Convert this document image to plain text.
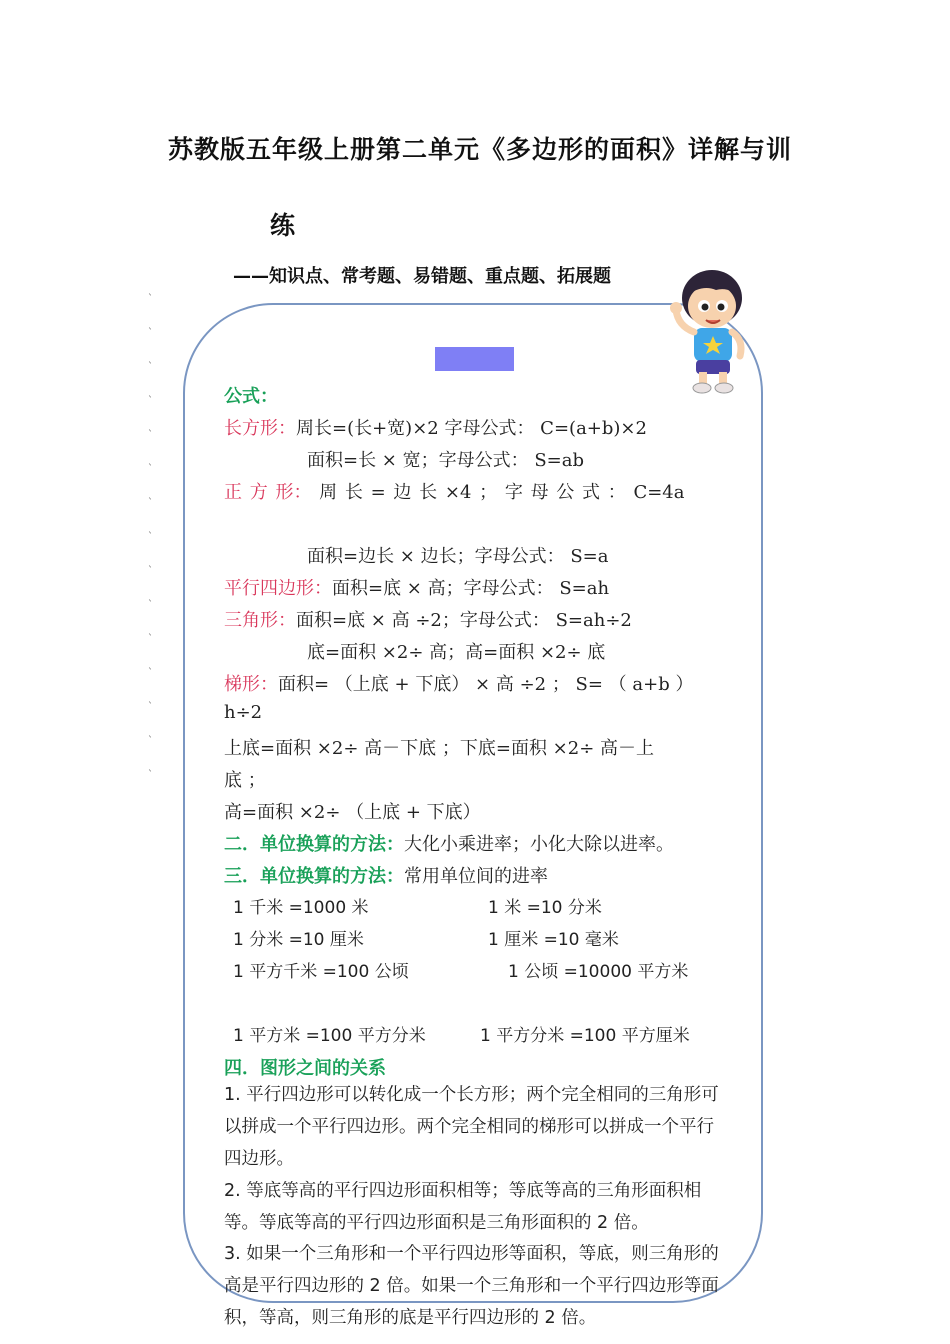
苏教版五年级上册第二单元《多边形的面积》详解与训
练
——知识点、常考题、易错题、重点题、拓展题
`
`
`
`
`
`
`
`
`
`
`
`
`
`
`
公式：
长方形：周长=(长+宽)×2 字母公式： C=(a+b)×2
面积=长 × 宽；字母公式： S=ab
正 方 形： 周 长 = 边 长 ×4 ； 字 母 公 式 ： C=4a
面积=边长 × 边长；字母公式： S=a
平行四边形：面积=底 × 高；字母公式： S=ah
三角形：面积=底 × 高 ÷2；字母公式： S=ah÷2
底=面积 ×2÷ 高；高=面积 ×2÷ 底
梯形：面积= （上底 + 下底） × 高 ÷2 ； S= （ a+b ）
h÷2
上底=面积 ×2÷ 高－下底 ；下底=面积 ×2÷ 高－上
底 ；
高=面积 ×2÷ （上底 + 下底）
二．单位换算的方法：大化小乘进率；小化大除以进率。
三．单位换算的方法：常用单位间的进率
1 千米 =1000 米	1 米 =10 分米
1 分米 =10 厘米	1 厘米 =10 毫米
1 平方千米 =100 公顷	1 公顷 =10000 平方米
1 平方米 =100 平方分米	1 平方分米 =100 平方厘米
四．图形之间的关系
1. 平行四边形可以转化成一个长方形；两个完全相同的三角形可以拼成一个平行四边形。两个完全相同的梯形可以拼成一个平行四边形。
2. 等底等高的平行四边形面积相等；等底等高的三角形面积相等。等底等高的平行四边形面积是三角形面积的 2 倍。
3. 如果一个三角形和一个平行四边形等面积，等底，则三角形的高是平行四边形的 2 倍。如果一个三角形和一个平行四边形等面积，等高，则三角形的底是平行四边形的 2 倍。
